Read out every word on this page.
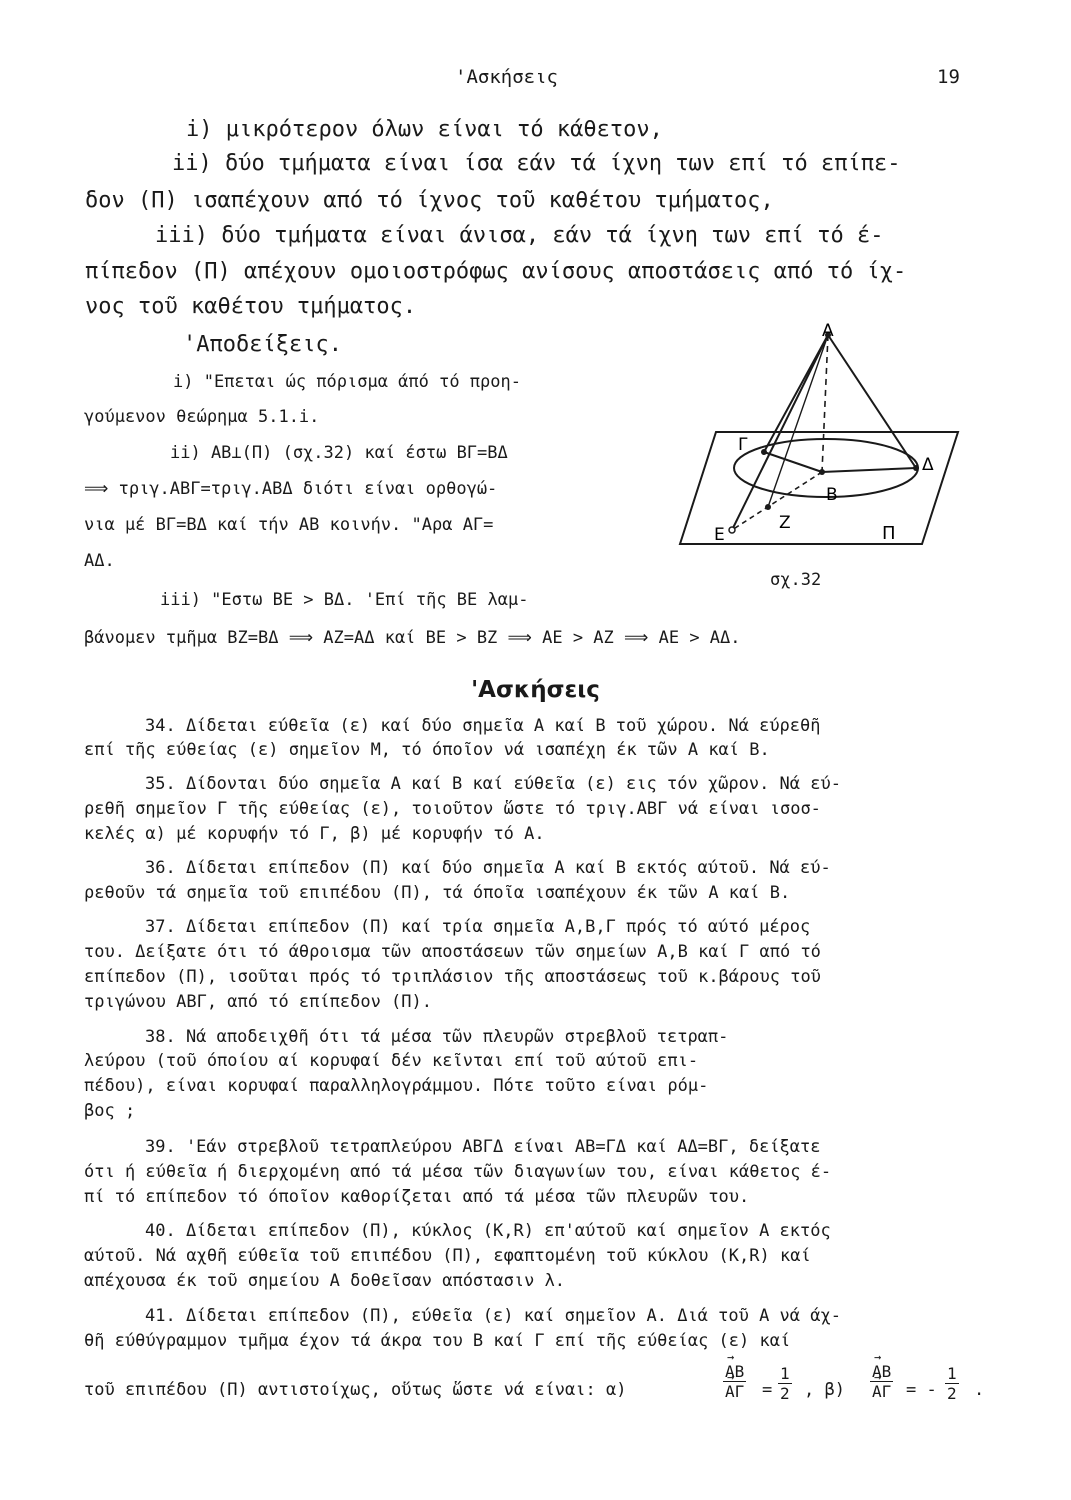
'Ασκήσεις	19
i) μικρότερον όλων είναι τό κάθετον,
ii) δύο τμήματα είναι ίσα εάν τά ίχνη των επί τό επίπε-
δον (Π) ισαπέχουν από τό ίχνος τοῦ καθέτου τμήματος,
iii) δύο τμήματα είναι άνισα, εάν τά ίχνη των επί τό έ-
πίπεδον (Π) απέχουν ομοιοστρόφως ανίσους αποστάσεις από τό ίχ-
νος τοῦ καθέτου τμήματος.
'Αποδείξεις.
i) "Επεται ώς πόρισμα άπό τό προη-
γούμενον θεώρημα 5.1.i.
ii) ΑΒ⊥(Π) (σχ.32) καί έστω ΒΓ=ΒΔ
⟹ τριγ.ΑΒΓ=τριγ.ΑΒΔ διότι είναι ορθογώ-
νια μέ ΒΓ=ΒΔ καί τήν ΑΒ κοινήν. "Αρα ΑΓ=
ΑΔ.
iii) "Εστω ΒΕ > ΒΔ. 'Επί τῆς ΒΕ λαμ-
βάνομεν τμῆμα ΒΖ=ΒΔ ⟹ ΑΖ=ΑΔ καί ΒΕ > ΒΖ ⟹ ΑΕ > ΑΖ ⟹ ΑΕ > ΑΔ.
Α
Γ
Δ
Β
Ζ
Ε	Π
σχ.32
'Ασκήσεις
34. Δίδεται εύθεῖα (ε) καί δύο σημεῖα Α καί Β τοῦ χώρου. Νά εύρεθῆ
επί τῆς εύθείας (ε) σημεῖον Μ, τό όποῖον νά ισαπέχη έκ τῶν Α καί Β.
35. Δίδονται δύο σημεῖα Α καί Β καί εύθεῖα (ε) εις τόν χῶρον. Νά εύ-
ρεθῆ σημεῖον Γ τῆς εύθείας (ε), τοιοῦτον ὥστε τό τριγ.ΑΒΓ νά είναι ισοσ-
κελές α) μέ κορυφήν τό Γ, β) μέ κορυφήν τό Α.
36. Δίδεται επίπεδον (Π) καί δύο σημεῖα Α καί Β εκτός αύτοῦ. Νά εύ-
ρεθοῦν τά σημεῖα τοῦ επιπέδου (Π), τά όποῖα ισαπέχουν έκ τῶν Α καί Β.
37. Δίδεται επίπεδον (Π) καί τρία σημεῖα Α,Β,Γ πρός τό αύτό μέρος
του. Δείξατε ότι τό άθροισμα τῶν αποστάσεων τῶν σημείων Α,Β καί Γ από τό
επίπεδον (Π), ισοῦται πρός τό τριπλάσιον τῆς αποστάσεως τοῦ κ.βάρους τοῦ
τριγώνου ΑΒΓ, από τό επίπεδον (Π).
38. Νά αποδειχθῆ ότι τά μέσα τῶν πλευρῶν στρεβλοῦ τετραπ-
λεύρου (τοῦ όποίου αί κορυφαί δέν κεῖνται επί τοῦ αύτοῦ επι-
πέδου), είναι κορυφαί παραλληλογράμμου. Πότε τοῦτο είναι ρόμ-
βος ;
39. 'Εάν στρεβλοῦ τετραπλεύρου ΑΒΓΔ είναι ΑΒ=ΓΔ καί ΑΔ=ΒΓ, δείξατε
ότι ή εύθεῖα ή διερχομένη από τά μέσα τῶν διαγωνίων του, είναι κάθετος έ-
πί τό επίπεδον τό όποῖον καθορίζεται από τά μέσα τῶν πλευρῶν του.
40. Δίδεται επίπεδον (Π), κύκλος (Κ,R) επ'αύτοῦ καί σημεῖον Α εκτός
αύτοῦ. Νά αχθῆ εύθεῖα τοῦ επιπέδου (Π), εφαπτομένη τοῦ κύκλου (Κ,R) καί
απέχουσα έκ τοῦ σημείου Α δοθεῖσαν απόστασιν λ.
41. Δίδεται επίπεδον (Π), εύθεῖα (ε) καί σημεῖον Α. Διά τοῦ Α νά άχ-
θῆ εύθύγραμμον τμῆμα έχον τά άκρα του Β καί Γ επί τῆς εύθείας (ε) καί
τοῦ επιπέδου (Π) αντιστοίχως, οὕτως ὥστε νά είναι: α)	→ ΑΒ
→ $A\Gamma = \frac{1}{2}$ , β) → ΑΒ
→ ΑΓ = - $\frac{1}{2}$ .
